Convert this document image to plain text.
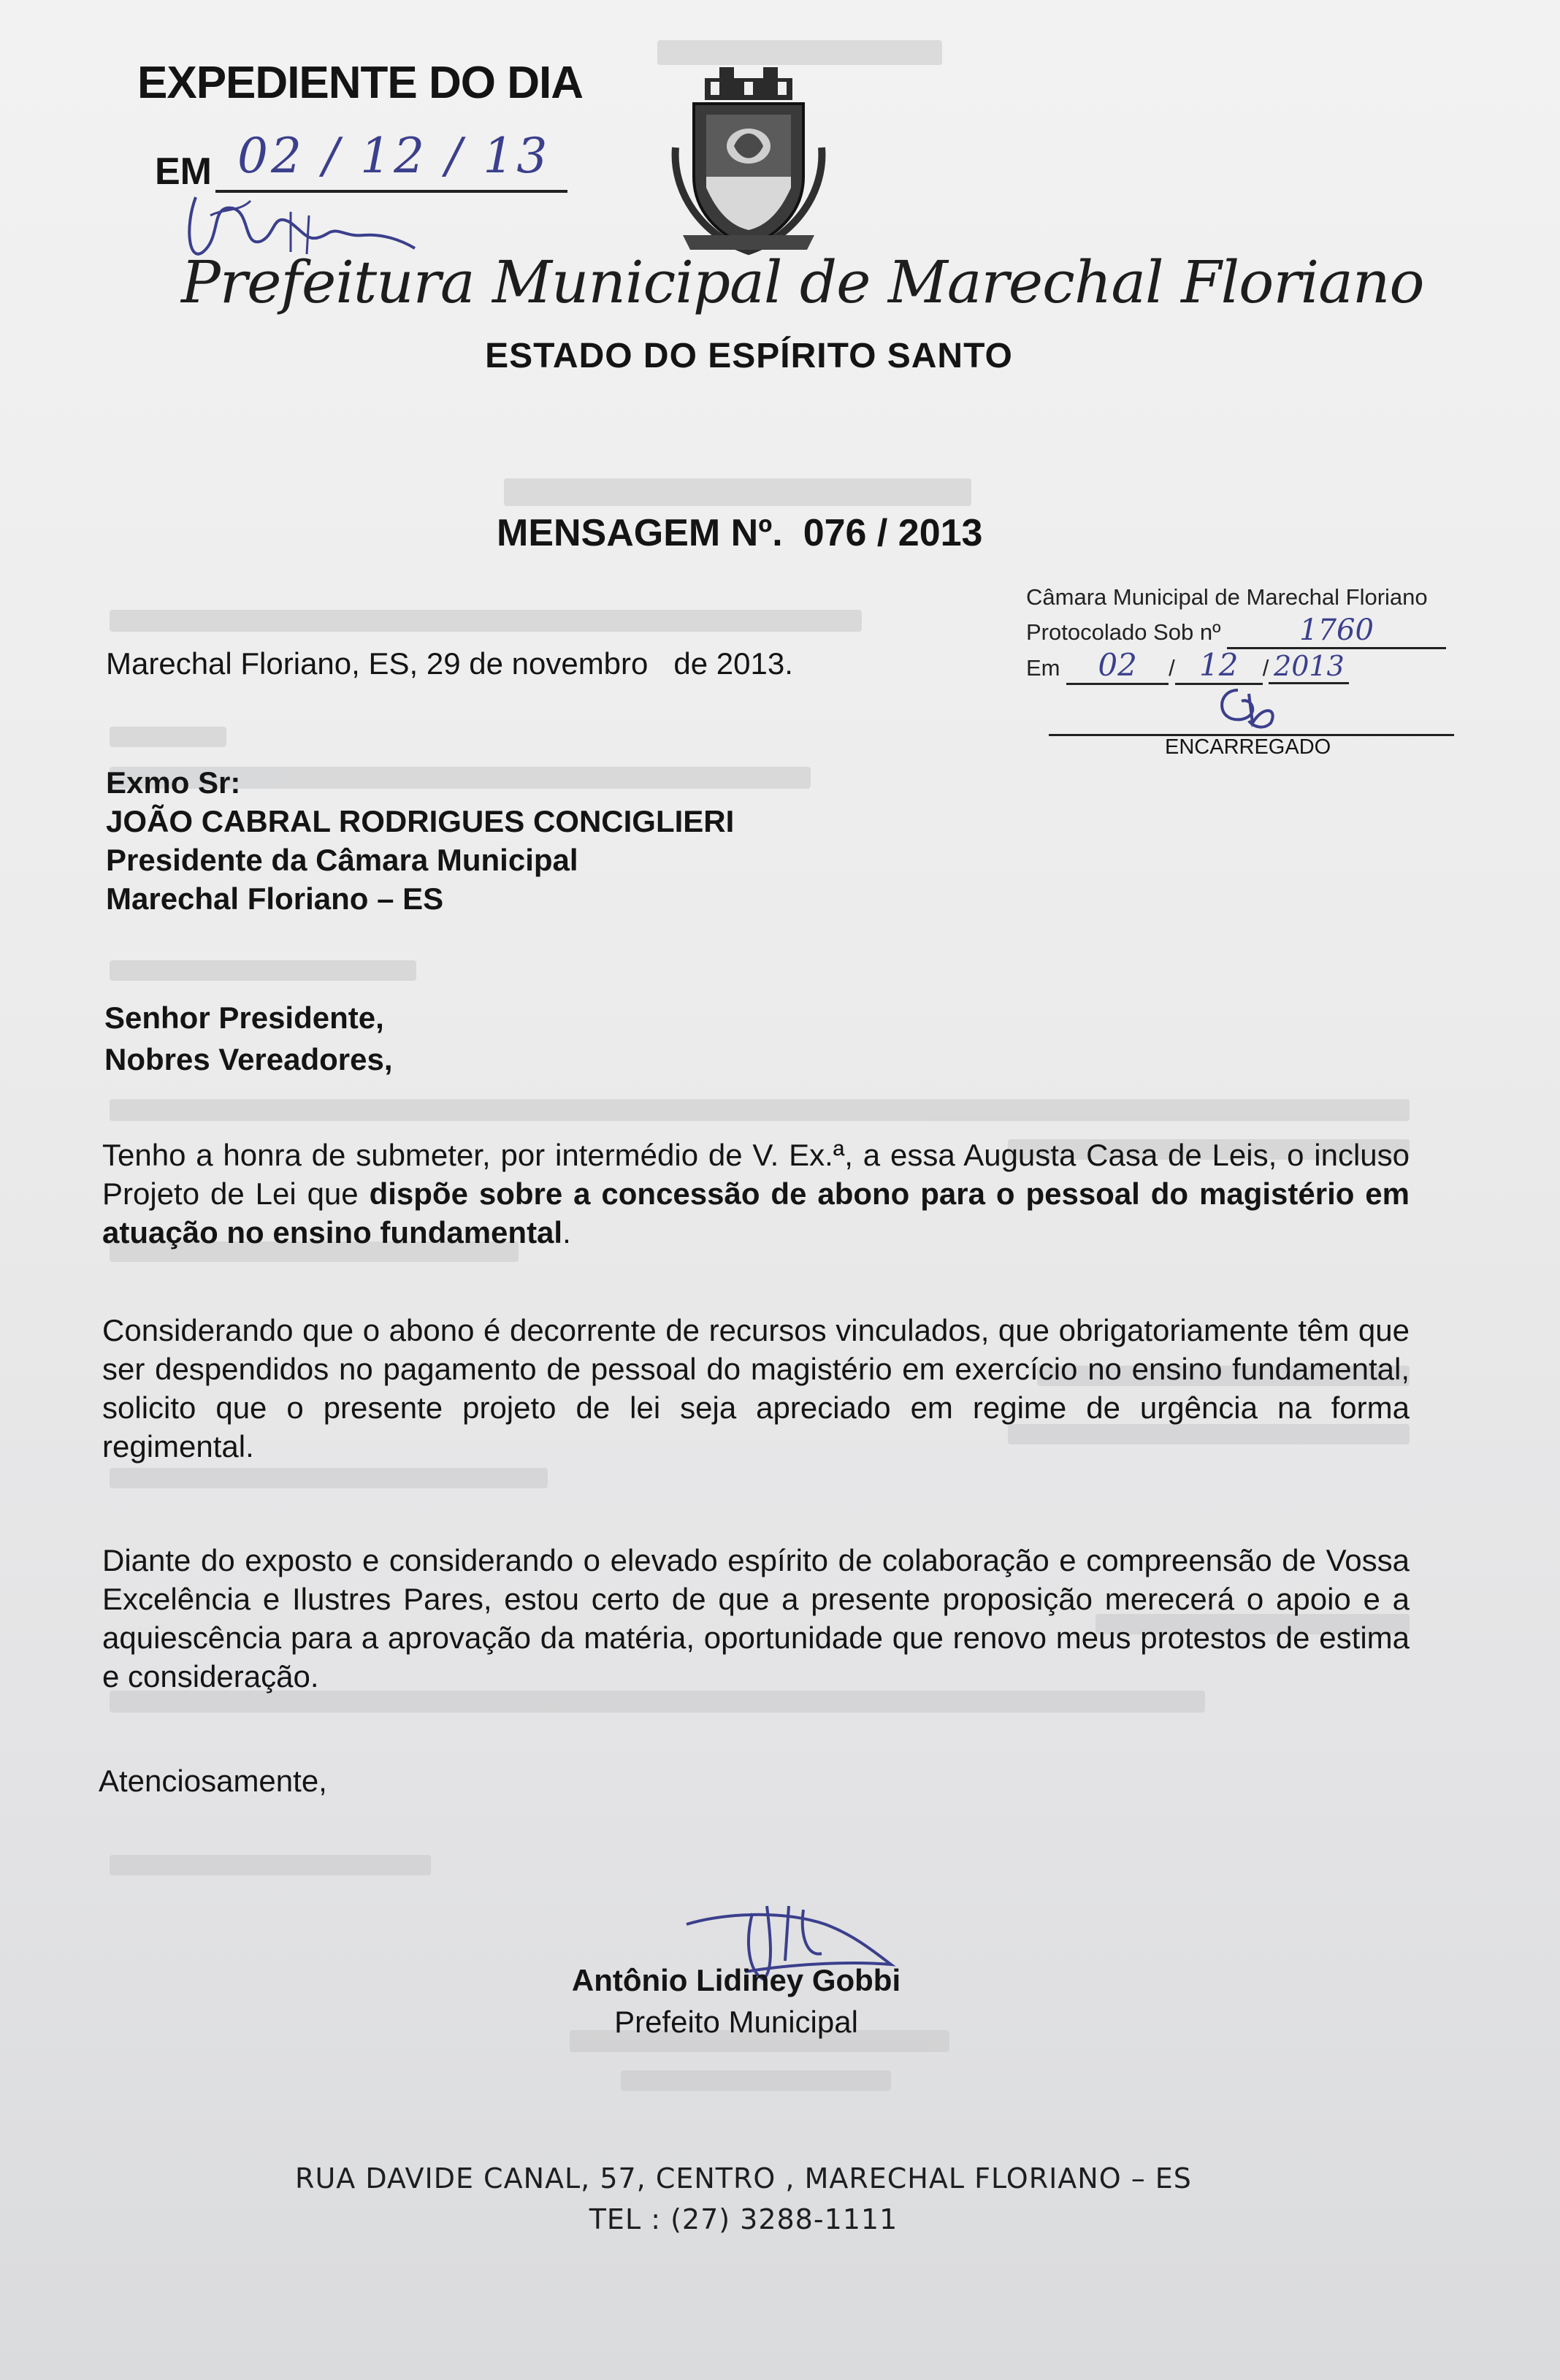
EXPEDIENTE DO DIA
EM 02 / 12 / 13
Prefeitura Municipal de Marechal Floriano
ESTADO DO ESPÍRITO SANTO
MENSAGEM Nº. 076 / 2013
Câmara Municipal de Marechal Floriano
Protocolado Sob nº	1760
Em 02 / 12 / 2013
ENCARREGADO
Marechal Floriano, ES, 29 de novembro   de 2013.
Exmo Sr:
JOÃO CABRAL RODRIGUES CONCIGLIERI
Presidente da Câmara Municipal
Marechal Floriano – ES
Senhor Presidente,
Nobres Vereadores,
Tenho a honra de submeter, por intermédio de V. Ex.ª, a essa Augusta Casa de Leis, o incluso Projeto de Lei que dispõe sobre a concessão de abono para o pessoal do magistério em atuação no ensino fundamental.
Considerando que o abono é decorrente de recursos vinculados, que obrigatoriamente têm que ser despendidos no pagamento de pessoal do magistério em exercício no ensino fundamental, solicito que o presente projeto de lei seja apreciado em regime de urgência na forma regimental.
Diante do exposto e considerando o elevado espírito de colaboração e compreensão de Vossa Excelência e Ilustres Pares, estou certo de que a presente proposição merecerá o apoio e a aquiescência para a aprovação da matéria, oportunidade que renovo meus protestos de estima e consideração.
Atenciosamente,
Antônio Lidiney Gobbi
Prefeito Municipal
RUA DAVIDE CANAL, 57, CENTRO , MARECHAL FLORIANO – ES
TEL : (27) 3288-1111
